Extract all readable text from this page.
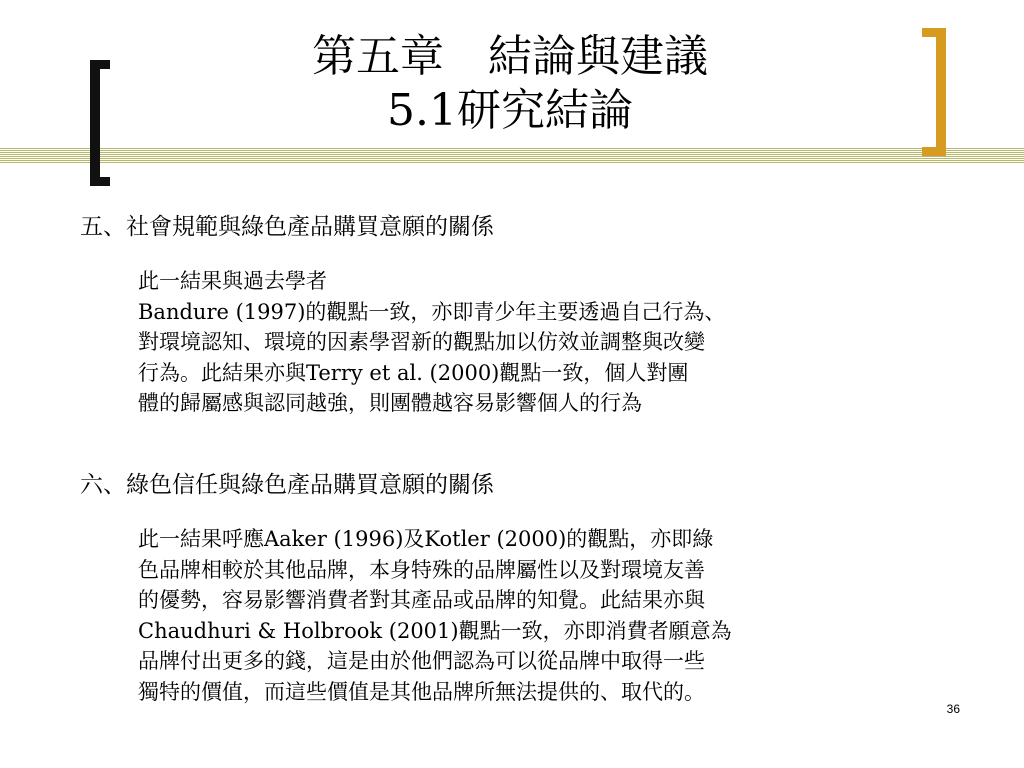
第五章　結論與建議
5.1研究結論
五、社會規範與綠色產品購買意願的關係
此一結果與過去學者
Bandure (1997)的觀點一致，亦即青少年主要透過自己行為、
對環境認知、環境的因素學習新的觀點加以仿效並調整與改變
行為。此結果亦與Terry et al. (2000)觀點一致，個人對團
體的歸屬感與認同越強，則團體越容易影響個人的行為
六、綠色信任與綠色產品購買意願的關係
此一結果呼應Aaker (1996)及Kotler (2000)的觀點，亦即綠
色品牌相較於其他品牌，本身特殊的品牌屬性以及對環境友善
的優勢，容易影響消費者對其產品或品牌的知覺。此結果亦與
Chaudhuri & Holbrook (2001)觀點一致，亦即消費者願意為
品牌付出更多的錢，這是由於他們認為可以從品牌中取得一些
獨特的價值，而這些價值是其他品牌所無法提供的、取代的。
36
